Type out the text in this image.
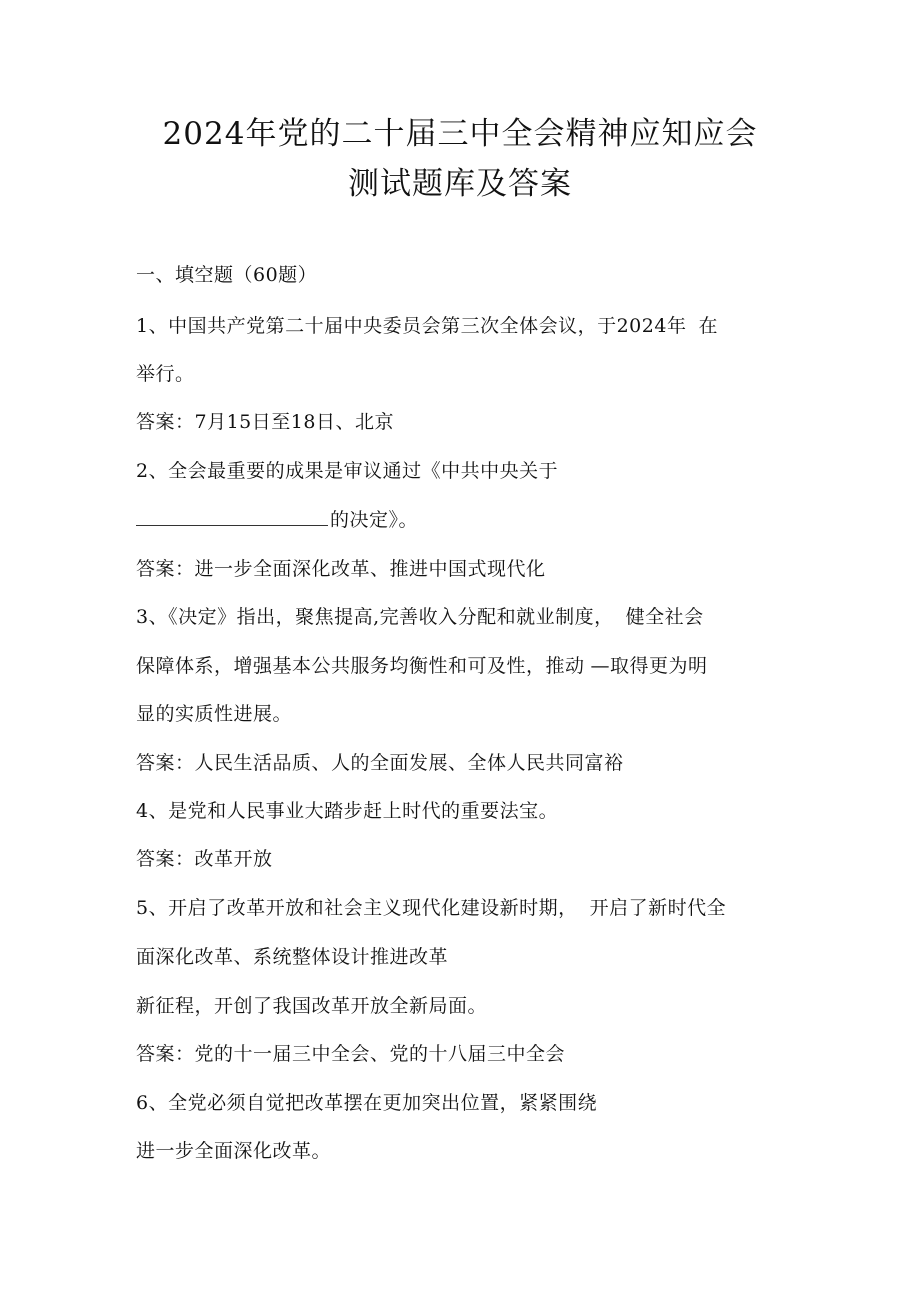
2024年党的二十届三中全会精神应知应会
测试题库及答案
一、填空题（60题）
1、中国共产党第二十届中央委员会第三次全体会议，于2024年 在
举行。
答案：7月15日至18日、北京
2、全会最重要的成果是审议通过《中共中央关于
的决定》。
答案：进一步全面深化改革、推进中国式现代化
3、《决定》指出，聚焦提高,完善收入分配和就业制度， 健全社会
保障体系，增强基本公共服务均衡性和可及性，推动 —取得更为明
显的实质性进展。
答案：人民生活品质、人的全面发展、全体人民共同富裕
4、是党和人民事业大踏步赶上时代的重要法宝。
答案：改革开放
5、开启了改革开放和社会主义现代化建设新时期， 开启了新时代全
面深化改革、系统整体设计推进改革
新征程，开创了我国改革开放全新局面。
答案：党的十一届三中全会、党的十八届三中全会
6、全党必须自觉把改革摆在更加突出位置，紧紧围绕
进一步全面深化改革。
